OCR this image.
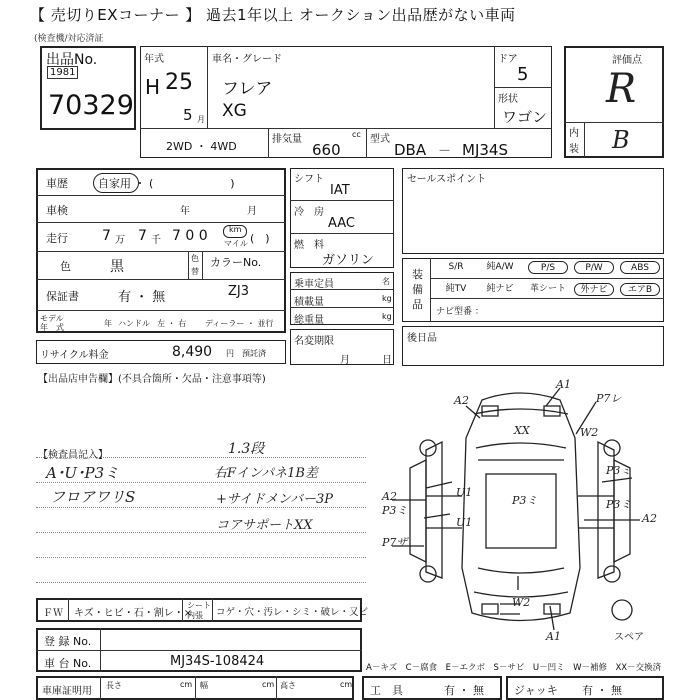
【 売切りEXコーナー 】 過去1年以上 オークション出品歴がない車両
(検査機/対応済証
出品No.
1981
70329
年式
H 25
5 月
車名・グレード
フレア
XG
ドア
5
形状
ワゴン
2WD ・ 4WD
排気量	cc
660
型式
DBA － MJ34S
評価点
R
内
装 B
車歴	自家用 ・ (　　　　　　　)
車検	年	月
走行 7 万 7 千 7 0 0	km
マイル (　)
色	黒
色
替
保証書	有 ・ 無
モデル
年　式	年 ハンドル 左 ・ 右 ディーラー ・ 並行
カラーNo.
ZJ3
リサイクル料金	8,490 円 預託済
シフト
IAT
冷　房
AAC
燃　料
ガソリン
乗車定員	名
積載量	kg
総重量	kg
名変期限
月	日
セールスポイント
装
備
品
S/R	純A/W	P/S	P/W	ABS
純TV	純ナビ	革シート	外ナビ	エアB
ナビ型番 ：
後日品
【出品店申告欄】(不具合箇所・欠品・注意事項等)
【検査員記入】
A･U･P3ミ
フロアワリS
1.3段
右Fインパネ1B差
+サイドメンバー3P
コアサポートXX
A2
A1
P7レ
W2
XX
P3ミ
P3ミ
A2
P3ミ
A2
U1
U1
P3ミ
P7ザ
W2
A1	スペア
ＦＷ キズ・ヒビ・石・割レ・×
シート
内張 コゲ・穴・汚レ・シミ・破レ・又ビ
登 録 No.
車 台 No.	MJ34S-108424	A－キズ　C－腐食　E－エクボ　S－サビ　U－凹ミ　W－補修　XX－交換済
車庫証明用
長さ	cm 幅	cm 高さ	cm 工　具	有 ・ 無	ジャッキ 有 ・ 無
